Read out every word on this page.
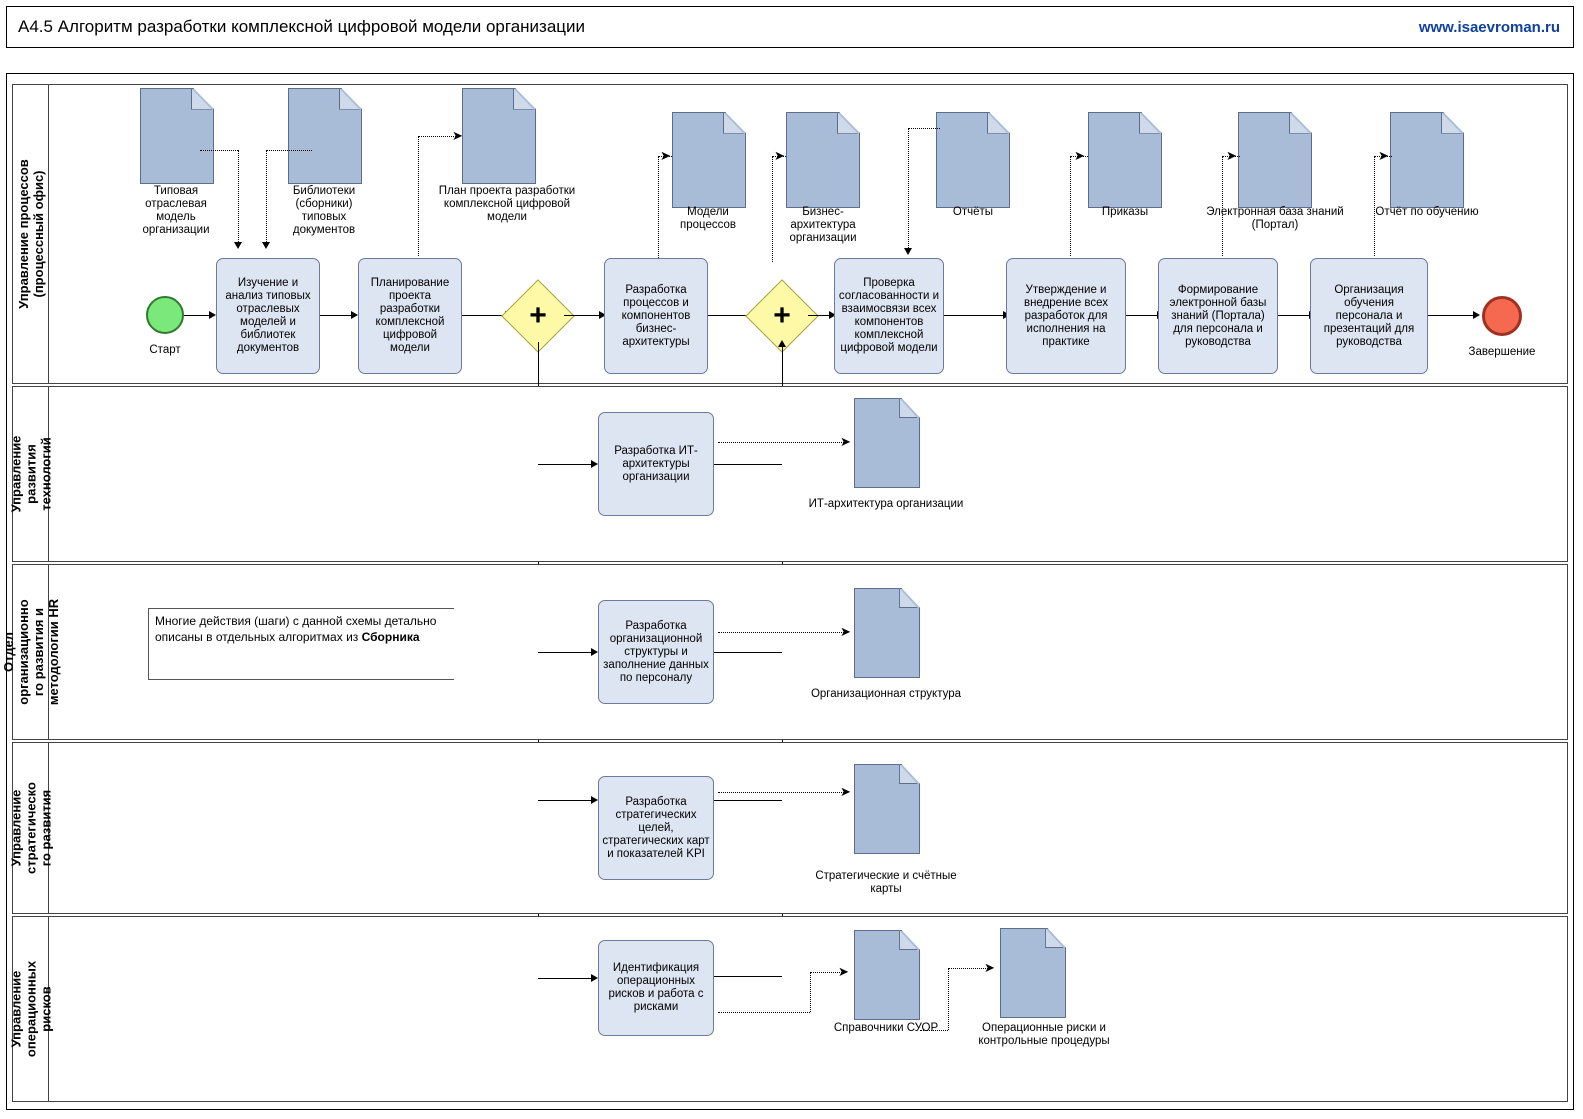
A4.5 Алгоритм разработки комплексной цифровой модели организации	www.isaevroman.ru
Управление процессов
(процессный офис)	Типовая отраслевая модель организации
Библиотеки (сборники) типовых документов
План проекта разработки комплексной цифровой модели	Модели процессов
Бизнес-архитектура организации
Отчёты	Приказы	Электронная база знаний (Портал)
Отчёт по обучению
➤
➤	➤	➤	➤	➤
Старт
Изучение и анализ типовых отраслевых моделей и библиотек документов
Планирование проекта разработки комплексной цифровой модели
+
Разработка процессов и компонентов бизнес-архитектуры
+
Проверка согласованности и взаимосвязи всех компонентов комплексной цифровой модели
Утверждение и внедрение всех разработок для исполнения на практике
Формирование электронной базы знаний (Портала) для персонала и руководства
Организация обучения персонала и презентаций для руководства
Завершение
Управление
развития
технологий	Разработка ИТ-архитектуры организации
ИТ-архитектура организации
➤
Отдел
организационно
го развития и
методологии HR	Многие действия (шаги) с данной схемы детально описаны в отдельных алгоритмах из Сборника
Разработка организационной структуры и заполнение данных по персоналу
Организационная структура
➤
Управление
стратегическо
го развития	Разработка стратегических целей, стратегических карт и показателей KPI
Стратегические и счётные карты
➤
Управление
операционных
рисков
Идентификация операционных рисков и работа с рисками
Справочники СУОР	Операционные риски и контрольные процедуры
➤	➤
